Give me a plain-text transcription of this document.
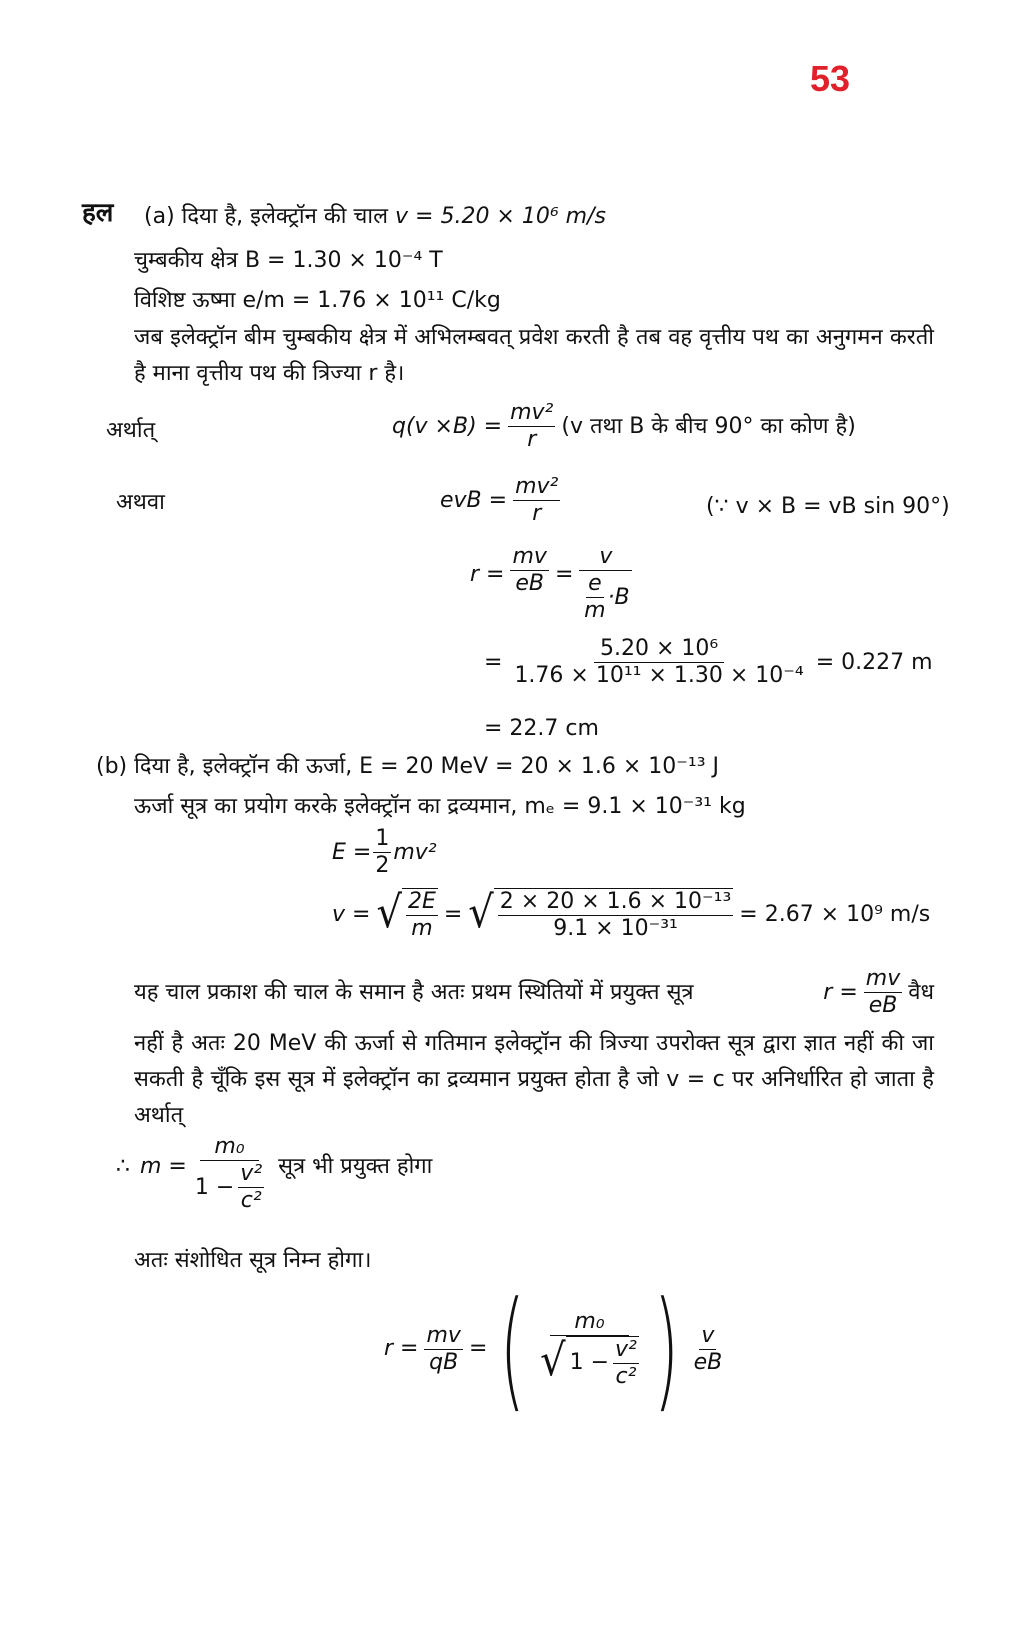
53
हल (a) दिया है, इलेक्ट्रॉन की चाल v = 5.20 × 10⁶ m/s
चुम्बकीय क्षेत्र B = 1.30 × 10⁻⁴ T
विशिष्ट ऊष्मा e/m = 1.76 × 10¹¹ C/kg
जब इलेक्ट्रॉन बीम चुम्बकीय क्षेत्र में अभिलम्बवत् प्रवेश करती है तब वह वृत्तीय पथ का अनुगमन करती है माना वृत्तीय पथ की त्रिज्या r है।
अर्थात्	$q(v \times B) = \frac{\text{mv²}}{r} (v$ तथा B के बीच 90° का कोण है)
अथवा	evB = $\frac{\text{mv²}}{r}$	(∵ v × B = vB sin 90°)
$r = \frac{mv}{eB} = \frac{v}{\frac{e}{m} \cdot B}$
= $\frac{\text{5.20 × 10⁶}}{\text{1.76 × 10¹¹ × 1.30 × 10⁻⁴}} = 0.227$ m
= 22.7 cm
(b) दिया है, इलेक्ट्रॉन की ऊर्जा, E = 20 MeV = 20 × 1.6 × 10⁻¹³ J
ऊर्जा सूत्र का प्रयोग करके इलेक्ट्रॉन का द्रव्यमान, mₑ = 9.1 × 10⁻³¹ kg
$E = \frac{1}{2} mv^2$
v = √ $\frac{2E}{m}$ = √ $\frac{\text{2 × 20 × 1.6 × 10⁻¹³}}{\text{9.1 × 10⁻³¹}} = 2.67 \times 10^9$ m/s
यह चाल प्रकाश की चाल के समान है अतः प्रथम स्थितियों में प्रयुक्त सूत्र	$r = \frac{mv}{eB}$ वैध
नहीं है अतः 20 MeV की ऊर्जा से गतिमान इलेक्ट्रॉन की त्रिज्या उपरोक्त सूत्र द्वारा ज्ञात नहीं की जा सकती है चूँकि इस सूत्र में इलेक्ट्रॉन का द्रव्यमान प्रयुक्त होता है जो v = c पर अनिर्धारित हो जाता है अर्थात्
∴ $m = \frac{\text{m₀}}{1 - \frac{\text{v²}}{\text{c²}}}$ सूत्र भी प्रयुक्त होगा
अतः संशोधित सूत्र निम्न होगा।
$r = \frac{mv}{qB}$ = (	m₀
√ $1 - \frac{\text{v²}}{\text{c²}}$ ) $\frac{v}{eB}$
